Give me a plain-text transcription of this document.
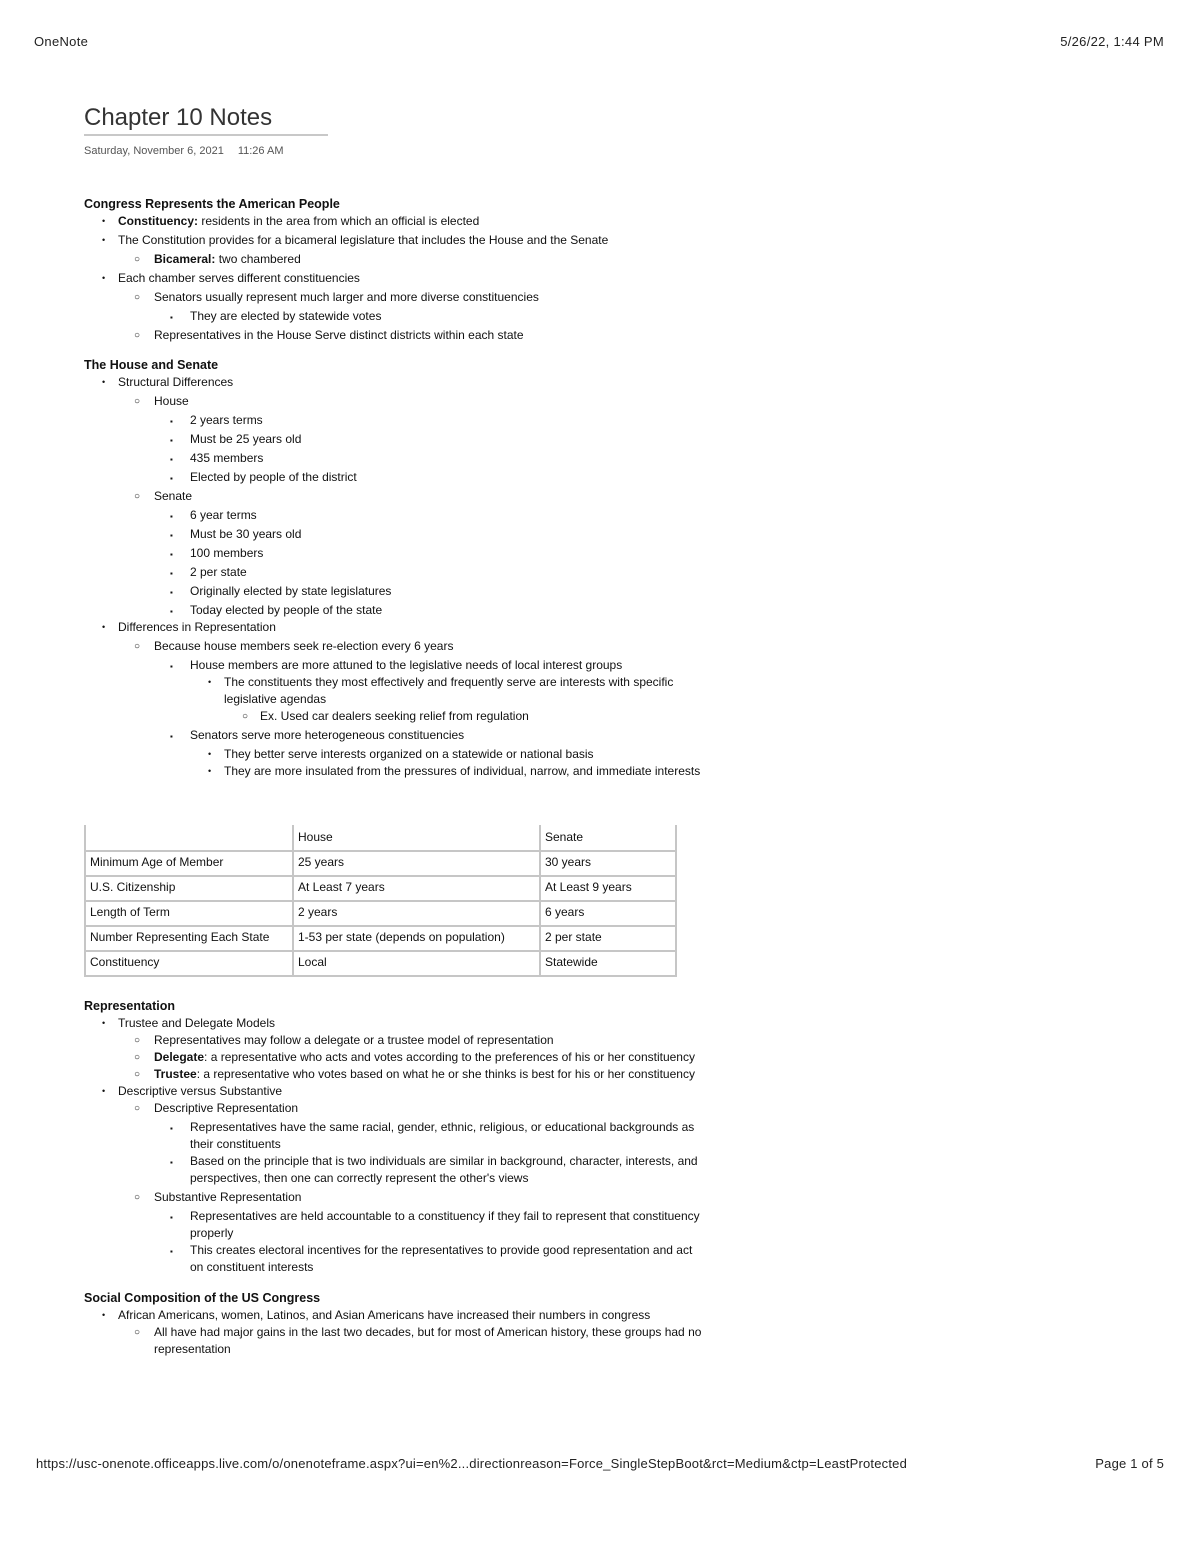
OneNote	5/26/22, 1:44 PM
Chapter 10 Notes
Saturday, November 6, 2021 11:26 AM

Congress Represents the American People

• Constituency: residents in the area from which an official is elected
• The Constitution provides for a bicameral legislature that includes the House and the Senate
○ Bicameral: two chambered
• Each chamber serves different constituencies
○ Senators usually represent much larger and more diverse constituencies
▪ They are elected by statewide votes
○ Representatives in the House Serve distinct districts within each state

The House and Senate

• Structural Differences
○ House
▪ 2 years terms
▪ Must be 25 years old
▪ 435 members
▪ Elected by people of the district
○ Senate
▪ 6 year terms
▪ Must be 30 years old
▪ 100 members
▪ 2 per state
▪ Originally elected by state legislatures
▪ Today elected by people of the state
• Differences in Representation
○ Because house members seek re-election every 6 years
▪ House members are more attuned to the legislative needs of local interest groups
• The constituents they most effectively and frequently serve are interests with specific legislative agendas
○ Ex. Used car dealers seeking relief from regulation
▪ Senators serve more heterogeneous constituencies
• They better serve interests organized on a statewide or national basis
• They are more insulated from the pressures of individual, narrow, and immediate interests

Representation

• Trustee and Delegate Models
○ Representatives may follow a delegate or a trustee model of representation
○ Delegate: a representative who acts and votes according to the preferences of his or her constituency
○ Trustee: a representative who votes based on what he or she thinks is best for his or her constituency
• Descriptive versus Substantive
○ Descriptive Representation
▪ Representatives have the same racial, gender, ethnic, religious, or educational backgrounds as their constituents
▪ Based on the principle that is two individuals are similar in background, character, interests, and perspectives, then one can correctly represent the other's views
○ Substantive Representation
▪ Representatives are held accountable to a constituency if they fail to represent that constituency properly
▪ This creates electoral incentives for the representatives to provide good representation and act on constituent interests

Social Composition of the US Congress

• African Americans, women, Latinos, and Asian Americans have increased their numbers in congress
○ All have had major gains in the last two decades, but for most of American history, these groups had no representation
	House	Senate
Minimum Age of Member	25 years	30 years
U.S. Citizenship	At Least 7 years	At Least 9 years
Length of Term	2 years	6 years
Number Representing Each State	1-53 per state (depends on population)	2 per state
Constituency	Local	Statewide
https://usc-onenote.officeapps.live.com/o/onenoteframe.aspx?ui=en%2...directionreason=Force_SingleStepBoot&rct=Medium&ctp=LeastProtected	Page 1 of 5
